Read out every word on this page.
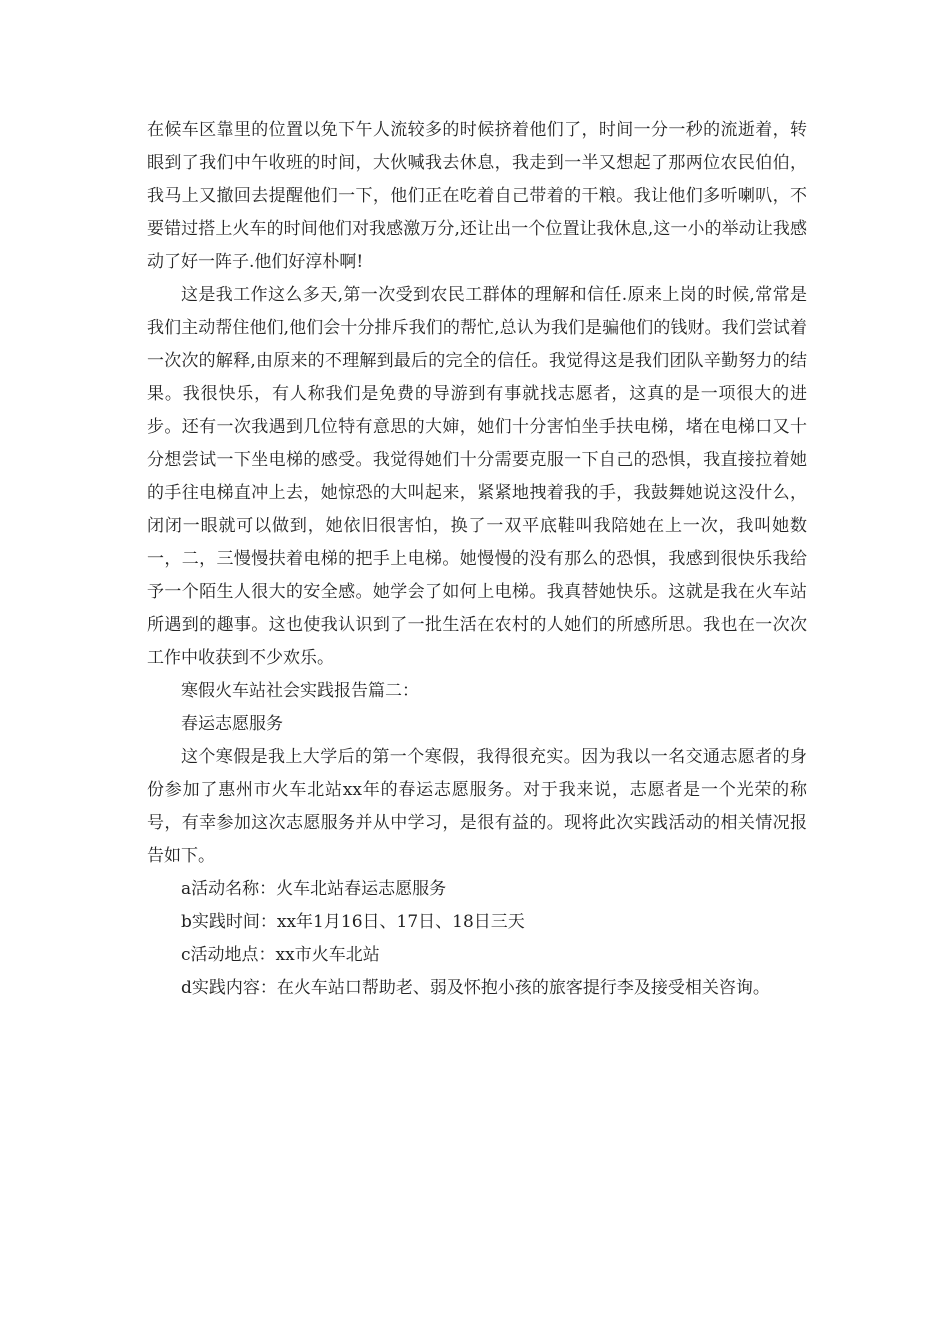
在候车区靠里的位置以免下午人流较多的时候挤着他们了，时间一分一秒的流逝着，转眼到了我们中午收班的时间，大伙喊我去休息，我走到一半又想起了那两位农民伯伯，我马上又撤回去提醒他们一下，他们正在吃着自己带着的干粮。我让他们多听喇叭，不要错过搭上火车的时间他们对我感激万分,还让出一个位置让我休息,这一小的举动让我感动了好一阵子.他们好淳朴啊!

这是我工作这么多天,第一次受到农民工群体的理解和信任.原来上岗的时候,常常是我们主动帮住他们,他们会十分排斥我们的帮忙,总认为我们是骗他们的钱财。我们尝试着一次次的解释,由原来的不理解到最后的完全的信任。我觉得这是我们团队辛勤努力的结果。我很快乐，有人称我们是免费的导游到有事就找志愿者，这真的是一项很大的进步。还有一次我遇到几位特有意思的大婶，她们十分害怕坐手扶电梯，堵在电梯口又十分想尝试一下坐电梯的感受。我觉得她们十分需要克服一下自己的恐惧，我直接拉着她的手往电梯直冲上去，她惊恐的大叫起来，紧紧地拽着我的手，我鼓舞她说这没什么，闭闭一眼就可以做到，她依旧很害怕，换了一双平底鞋叫我陪她在上一次，我叫她数一，二，三慢慢扶着电梯的把手上电梯。她慢慢的没有那么的恐惧，我感到很快乐我给予一个陌生人很大的安全感。她学会了如何上电梯。我真替她快乐。这就是我在火车站所遇到的趣事。这也使我认识到了一批生活在农村的人她们的所感所思。我也在一次次工作中收获到不少欢乐。

寒假火车站社会实践报告篇二：

春运志愿服务

这个寒假是我上大学后的第一个寒假，我得很充实。因为我以一名交通志愿者的身份参加了惠州市火车北站xx年的春运志愿服务。对于我来说，志愿者是一个光荣的称号，有幸参加这次志愿服务并从中学习，是很有益的。现将此次实践活动的相关情况报告如下。

a活动名称：火车北站春运志愿服务

b实践时间：xx年1月16日、17日、18日三天

c活动地点：xx市火车北站

d实践内容：在火车站口帮助老、弱及怀抱小孩的旅客提行李及接受相关咨询。
